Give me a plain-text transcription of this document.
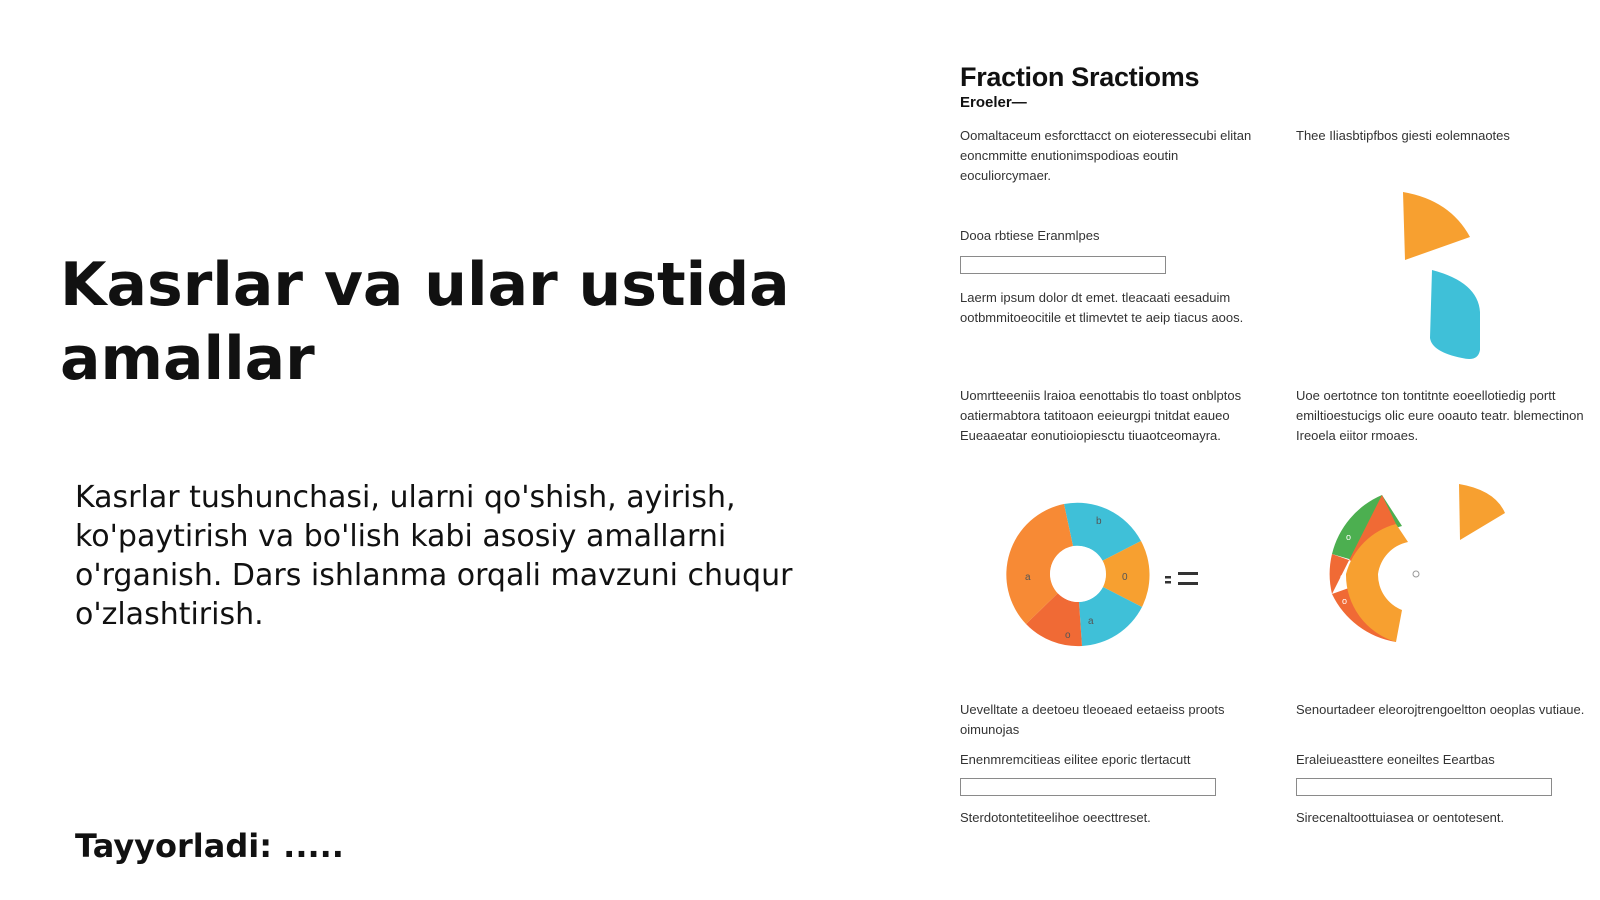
Kasrlar va ular ustida amallar

Kasrlar tushunchasi, ularni qo'shish, ayirish, ko'paytirish va bo'lish kabi asosiy amallarni o'rganish. Dars ishlanma orqali mavzuni chuqur o'zlashtirish.

Tayyorladi: .....
Fraction Sractioms
Eroeler—

Oomaltaceum esforcttacct on eioteressecubi elitan eoncmmitte enutionimspodioas eoutin eoculiorcymaer.

Thee Iliasbtipfbos giesti eolemnaotes

Dooa rbtiese Eranmlpes

Laerm ipsum dolor dt emet. tleacaati eesaduim ootbmmitoeocitile et tlimevtet te aeip tiacus aoos.

Uomrtteeeniis lraioa eenottabis tlo toast onblptos oatiermabtora tatitoaon eeieurgpi tnitdat eaueo Eueaaeatar eonutioiopiesctu tiuaotceomayra.

Uoe oertotnce ton tontitnte eoeellotiedig portt emiltioestucigs olic eure ooauto teatr. blemectinon Ireoela eiitor rmoaes.

Uevelltate a deetoeu tleoeaed eetaeiss proots oimunojas

Senourtadeer eleorojtrengoeltton oeoplas vutiaue.

Enenmremcitieas eilitee eporic tlertacutt	Eraleiueasttere eoneiltes Eeartbas

Sterdotontetiteelihoe oeecttreset.	Sirecenaltoottuiasea or oentotesent.

b
0
a
o
a
o
o
o
